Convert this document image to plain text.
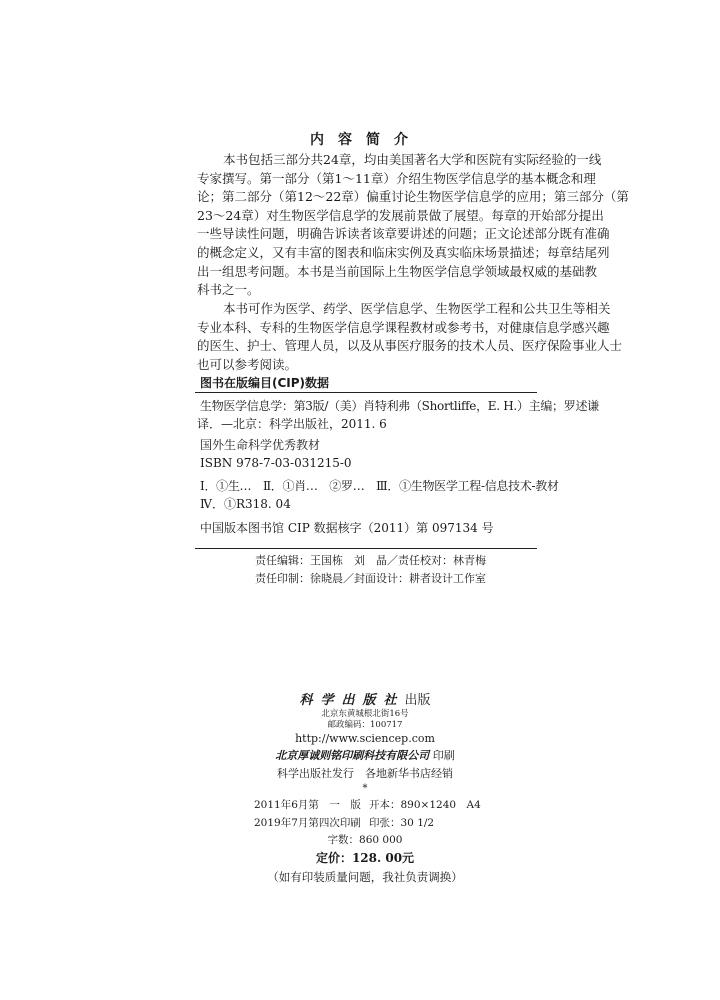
内容简介
本书包括三部分共24章，均由美国著名大学和医院有实际经验的一线
专家撰写。第一部分（第1～11章）介绍生物医学信息学的基本概念和理
论；第二部分（第12～22章）偏重讨论生物医学信息学的应用；第三部分（第
23～24章）对生物医学信息学的发展前景做了展望。每章的开始部分提出
一些导读性问题，明确告诉读者该章要讲述的问题；正文论述部分既有准确
的概念定义，又有丰富的图表和临床实例及真实临床场景描述；每章结尾列
出一组思考问题。本书是当前国际上生物医学信息学领域最权威的基础教
科书之一。
本书可作为医学、药学、医学信息学、生物医学工程和公共卫生等相关
专业本科、专科的生物医学信息学课程教材或参考书，对健康信息学感兴趣
的医生、护士、管理人员，以及从事医疗服务的技术人员、医疗保险事业人士
也可以参考阅读。
图书在版编目(CIP)数据
生物医学信息学：第3版/（美）肖特利弗（Shortliffe，E. H.）主编；罗述谦
译．—北京：科学出版社，2011. 6
国外生命科学优秀教材
ISBN 978-7-03-031215-0
Ⅰ．①生…　Ⅱ．①肖…　②罗…　Ⅲ．①生物医学工程-信息技术-教材
Ⅳ．①R318. 04
中国版本图书馆 CIP 数据核字（2011）第 097134 号
责任编辑：王国栋　刘　晶／责任校对：林青梅
责任印制：徐晓晨／封面设计：耕者设计工作室
科学出版社出版
北京东黄城根北街16号
邮政编码：100717
http://www.sciencep.com
北京厚诚则铭印刷科技有限公司 印刷
科学出版社发行　各地新华书店经销
*
2011年6月第　一　版 开本：890×1240　A4
2019年7月第四次印刷 印张：30 1/2
字数：860 000
定价：128. 00元
（如有印装质量问题，我社负责调换）
